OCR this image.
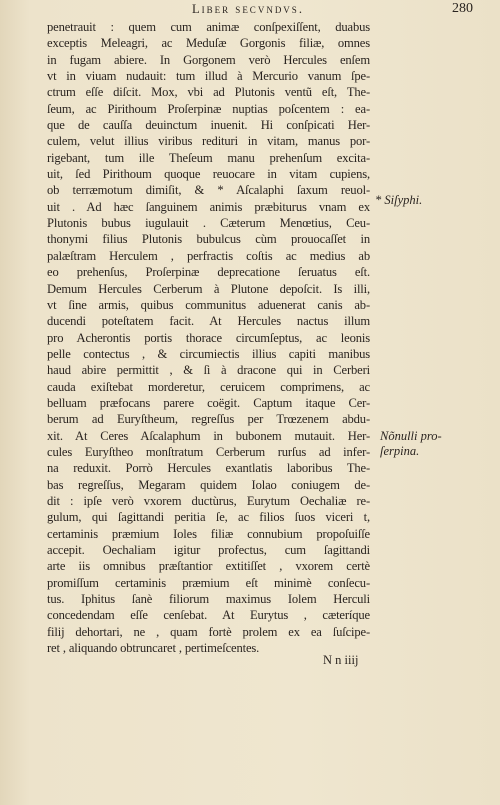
Liber secvndvs.	280
penetrauit : quem cum animæ conſpexiſſent, duabus
exceptis Meleagri, ac Meduſæ Gorgonis filiæ, omnes
in fugam abiere. In Gorgonem verò Hercules enſem
vt in viuam nudauit: tum illud à Mercurio vanum ſpe-
ctrum eſſe diſcit. Mox, vbi ad Plutonis ventũ eſt, The-
ſeum, ac Pirithoum Proſerpinæ nuptias poſcentem : ea-
que de cauſſa deuinctum inuenit. Hi conſpicati Her-
culem, velut illius viribus redituri in vitam, manus por-
rigebant, tum ille Theſeum manu prehenſum excita-
uit, ſed Pirithoum quoque reuocare in vitam cupiens,
ob terræmotum dimiſit, & * Aſcalaphi ſaxum reuol-
uit . Ad hæc ſanguinem animis præbiturus vnam ex
Plutonis bubus iugulauit . Cæterum Menœtius, Ceu-
thonymi filius Plutonis bubulcus cùm prouocaſſet in
palæſtram Herculem , perfractis coſtis ac medius ab
eo prehenſus, Proſerpinæ deprecatione ſeruatus eſt.
Demum Hercules Cerberum à Plutone depoſcit. Is illi,
vt ſine armis, quibus communitus aduenerat canis ab-
ducendi poteſtatem facit. At Hercules nactus illum
pro Acherontis portis thorace circumſeptus, ac leonis
pelle contectus , & circumiectis illius capiti manibus
haud abire permittit , & ſi à dracone qui in Cerberi
cauda exiſtebat morderetur, ceruicem comprimens, ac
belluam præfocans parere coëgit. Captum itaque Cer-
berum ad Euryſtheum, regreſſus per Trœzenem abdu-
xit. At Ceres Aſcalaphum in bubonem mutauit. Her-
cules Euryſtheo monſtratum Cerberum rurſus ad infer-
na reduxit. Porrò Hercules exantlatis laboribus The-
bas regreſſus, Megaram quidem Iolao coniugem de-
dit : ipſe verò vxorem ductùrus, Eurytum Oechaliæ re-
gulum, qui ſagittandi peritia ſe, ac filios ſuos viceri t,
certaminis præmium Ioles filiæ connubium propoſuiſſe
accepit. Oechaliam igitur profectus, cum ſagittandi
arte iis omnibus præſtantior extitiſſet , vxorem certè
promiſſum certaminis præmium eſt minimè conſecu-
tus. Iphitus ſanè filiorum maximus Iolem Herculi
concedendam eſſe cenſebat. At Eurytus , cæteríque
filij dehortari, ne , quam fortè prolem ex ea ſuſcipe-
ret , aliquando obtruncaret , pertimeſcentes.
* Siſyphi.
Nõnulli pro-
ſerpina.
N n iiij
